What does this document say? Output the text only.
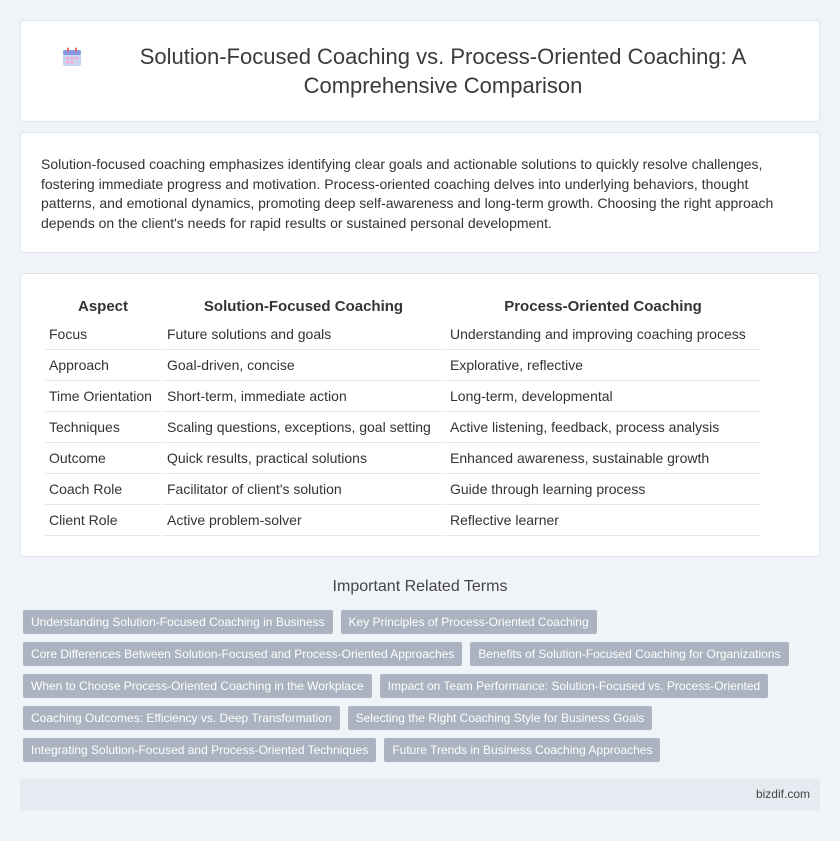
Solution-Focused Coaching vs. Process-Oriented Coaching: A Comprehensive Comparison

Solution-focused coaching emphasizes identifying clear goals and actionable solutions to quickly resolve challenges, fostering immediate progress and motivation. Process-oriented coaching delves into underlying behaviors, thought patterns, and emotional dynamics, promoting deep self-awareness and long-term growth. Choosing the right approach depends on the client's needs for rapid results or sustained personal development.

Aspect	Solution-Focused Coaching	Process-Oriented Coaching
Focus	Future solutions and goals	Understanding and improving coaching process
Approach	Goal-driven, concise	Explorative, reflective
Time Orientation	Short-term, immediate action	Long-term, developmental
Techniques	Scaling questions, exceptions, goal setting	Active listening, feedback, process analysis
Outcome	Quick results, practical solutions	Enhanced awareness, sustainable growth
Coach Role	Facilitator of client's solution	Guide through learning process
Client Role	Active problem-solver	Reflective learner
Important Related Terms
Understanding Solution-Focused Coaching in Business	Key Principles of Process-Oriented Coaching
Core Differences Between Solution-Focused and Process-Oriented Approaches	Benefits of Solution-Focused Coaching for Organizations
When to Choose Process-Oriented Coaching in the Workplace	Impact on Team Performance: Solution-Focused vs. Process-Oriented
Coaching Outcomes: Efficiency vs. Deep Transformation	Selecting the Right Coaching Style for Business Goals
Integrating Solution-Focused and Process-Oriented Techniques	Future Trends in Business Coaching Approaches
bizdif.com
